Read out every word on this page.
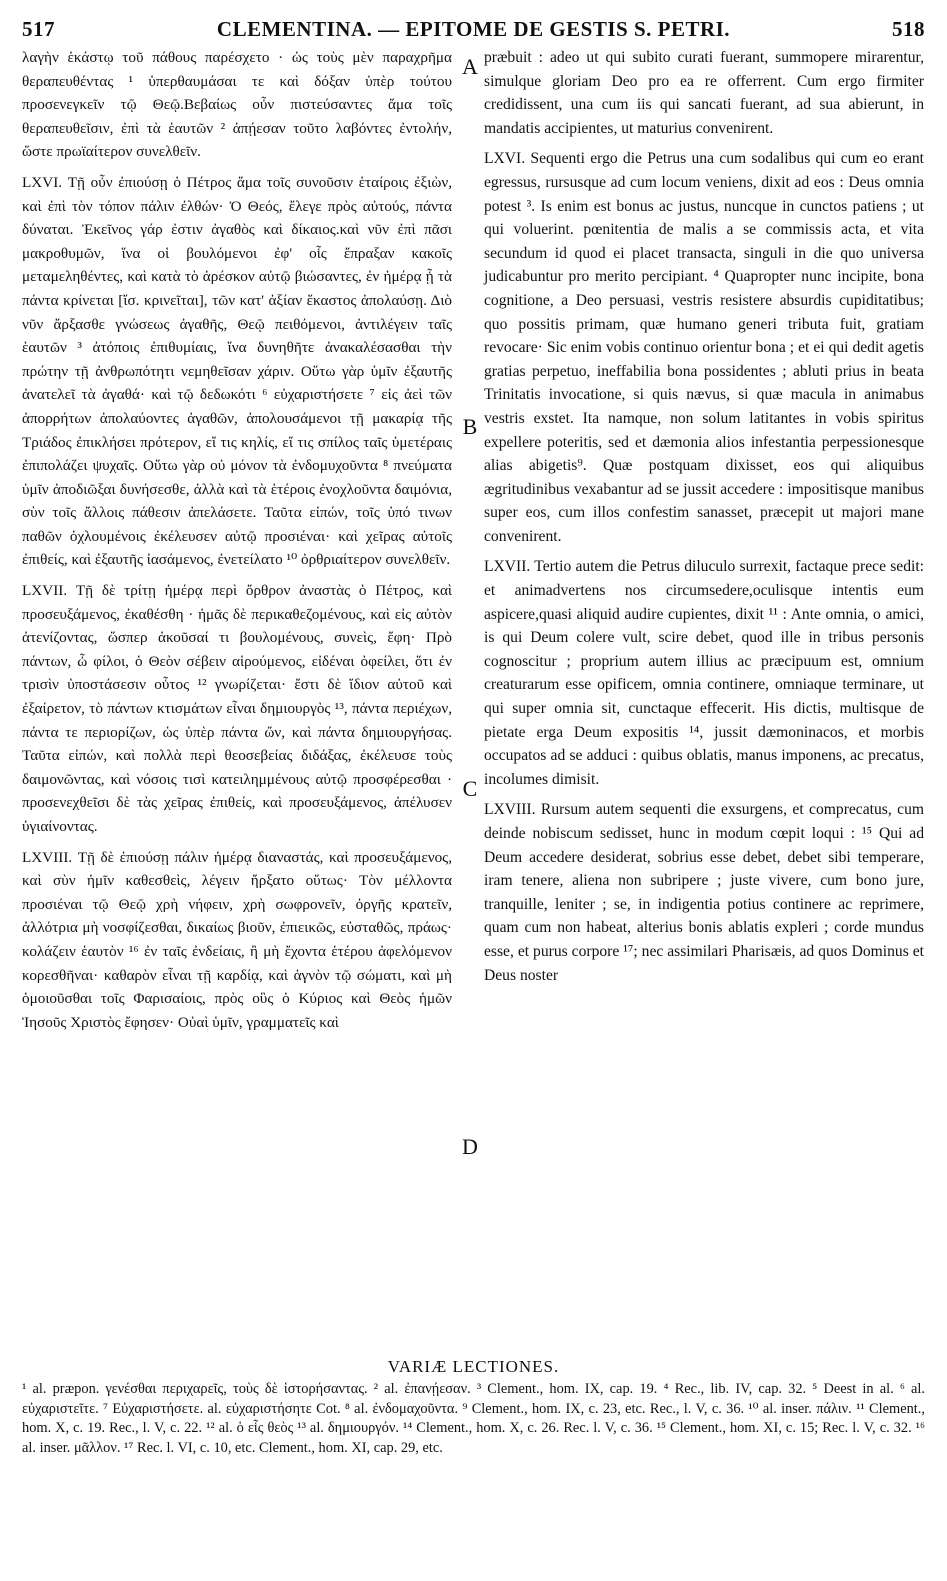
517	CLEMENTINA. — EPITOME DE GESTIS S. PETRI.	518

λαγὴν ἑκάστῳ τοῦ πάθους παρέσχετο · ὡς τοὺς μὲν παραχρῆμα θεραπευθέντας ¹ ὑπερθαυμάσαι τε καὶ δόξαν ὑπὲρ τούτου προσενεγκεῖν τῷ Θεῷ.Βεβαίως οὖν πιστεύσαντες ἅμα τοῖς θεραπευθεῖσιν, ἐπὶ τὰ ἑαυτῶν ² ἀπῄεσαν τοῦτο λαβόντες ἐντολήν, ὥστε πρωϊαίτερον συνελθεῖν.

LXVI. Τῇ οὖν ἐπιούσῃ ὁ Πέτρος ἅμα τοῖς συνοῦσιν ἑταίροις ἐξιὼν, καὶ ἐπὶ τὸν τόπον πάλιν ἐλθών· Ὁ Θεός, ἔλεγε πρὸς αὐτούς, πάντα δύναται. Ἐκεῖνος γάρ ἐστιν ἀγαθὸς καὶ δίκαιος.καὶ νῦν ἐπὶ πᾶσι μακροθυμῶν, ἵνα οἱ βουλόμενοι ἐφ' οἷς ἔπραξαν κακοῖς μεταμεληθέντες, καὶ κατὰ τὸ ἀρέσκον αὐτῷ βιώσαντες, ἐν ἡμέρᾳ ᾗ τὰ πάντα κρίνεται [ἴσ. κρινεῖται], τῶν κατ' ἀξίαν ἕκαστος ἀπολαύσῃ. Διὸ νῦν ἄρξασθε γνώσεως ἀγαθῆς, Θεῷ πειθόμενοι, ἀντιλέγειν ταῖς ἑαυτῶν ³ ἀτόποις ἐπιθυμίαις, ἵνα δυνηθῆτε ἀνακαλέσασθαι τὴν πρώτην τῇ ἀνθρωπότητι νεμηθεῖσαν χάριν. Οὕτω γὰρ ὑμῖν ἐξαυτῆς ἀνατελεῖ τὰ ἀγαθά· καὶ τῷ δεδωκότι ⁶ εὐχαριστήσετε ⁷ εἰς ἀεὶ τῶν ἀπορρήτων ἀπολαύοντες ἀγαθῶν, ἀπολουσάμενοι τῇ μακαρίᾳ τῆς Τριάδος ἐπικλήσει πρότερον, εἴ τις κηλίς, εἴ τις σπίλος ταῖς ὑμετέραις ἐπιπολάζει ψυχαῖς. Οὕτω γὰρ οὐ μόνον τὰ ἐνδομυχοῦντα ⁸ πνεύματα ὑμῖν ἀποδιῶξαι δυνήσεσθε, ἀλλὰ καὶ τὰ ἑτέροις ἐνοχλοῦντα δαιμόνια, σὺν τοῖς ἄλλοις πάθεσιν ἀπελάσετε. Ταῦτα εἰπών, τοῖς ὑπό τινων παθῶν ὀχλουμένοις ἐκέλευσεν αὐτῷ προσιέναι· καὶ χεῖρας αὐτοῖς ἐπιθείς, καὶ ἐξαυτῆς ἰασάμενος, ἐνετείλατο ¹⁰ ὀρθριαίτερον συνελθεῖν.

LXVII. Τῇ δὲ τρίτῃ ἡμέρᾳ περὶ ὄρθρον ἀναστὰς ὁ Πέτρος, καὶ προσευξάμενος, ἐκαθέσθη · ἡμᾶς δὲ περικαθεζομένους, καὶ εἰς αὐτὸν ἀτενίζοντας, ὥσπερ ἀκοῦσαί τι βουλομένους, συνεὶς, ἔφη· Πρὸ πάντων, ὦ φίλοι, ὁ Θεὸν σέβειν αἱρούμενος, εἰδέναι ὀφείλει, ὅτι ἐν τρισὶν ὑποστάσεσιν οὗτος ¹² γνωρίζεται· ἔστι δὲ ἴδιον αὐτοῦ καὶ ἐξαίρετον, τὸ πάντων κτισμάτων εἶναι δημιουργὸς ¹³, πάντα περιέχων, πάντα τε περιορίζων, ὡς ὑπὲρ πάντα ὤν, καὶ πάντα δημιουργήσας. Ταῦτα εἰπών, καὶ πολλὰ περὶ θεοσεβείας διδάξας, ἐκέλευσε τοὺς δαιμονῶντας, καὶ νόσοις τισὶ κατειλημμένους αὐτῷ προσφέρεσθαι · προσενεχθεῖσι δὲ τὰς χεῖρας ἐπιθείς, καὶ προσευξάμενος, ἀπέλυσεν ὑγιαίνοντας.

LXVIII. Τῇ δὲ ἐπιούσῃ πάλιν ἡμέρᾳ διαναστάς, καὶ προσευξάμενος, καὶ σὺν ἡμῖν καθεσθεὶς, λέγειν ἤρξατο οὕτως· Τὸν μέλλοντα προσιέναι τῷ Θεῷ χρὴ νήφειν, χρὴ σωφρονεῖν, ὀργῆς κρατεῖν, ἀλλότρια μὴ νοσφίζεσθαι, δικαίως βιοῦν, ἐπιεικῶς, εὐσταθῶς, πράως· κολάζειν ἑαυτὸν ¹⁶ ἐν ταῖς ἐνδείαις, ἢ μὴ ἔχοντα ἑτέρου ἀφελόμενον κορεσθῆναι· καθαρὸν εἶναι τῇ καρδίᾳ, καὶ ἁγνὸν τῷ σώματι, καὶ μὴ ὁμοιοῦσθαι τοῖς Φαρισαίοις, πρὸς οὓς ὁ Κύριος καὶ Θεὸς ἡμῶν Ἰησοῦς Χριστὸς ἔφησεν· Οὐαὶ ὑμῖν, γραμματεῖς καὶ

præbuit : adeo ut qui subito curati fuerant, summopere mirarentur, simulque gloriam Deo pro ea re offerrent. Cum ergo firmiter credidissent, una cum iis qui sancati fuerant, ad sua abierunt, in mandatis accipientes, ut maturius convenirent.

LXVI. Sequenti ergo die Petrus una cum sodalibus qui cum eo erant egressus, rursusque ad cum locum veniens, dixit ad eos : Deus omnia potest ³. Is enim est bonus ac justus, nuncque in cunctos patiens ; ut qui voluerint. pœnitentia de malis a se commissis acta, et vita secundum id quod ei placet transacta, singuli in die quo universa judicabuntur pro merito percipiant. ⁴ Quapropter nunc incipite, bona cognitione, a Deo persuasi, vestris resistere absurdis cupiditatibus; quo possitis primam, quæ humano generi tributa fuit, gratiam revocare· Sic enim vobis continuo orientur bona ; et ei qui dedit agetis gratias perpetuo, ineffabilia bona possidentes ; abluti prius in beata Trinitatis invocatione, si quis nævus, si quæ macula in animabus vestris exstet. Ita namque, non solum latitantes in vobis spiritus expellere poteritis, sed et dæmonia alios infestantia perpessionesque alias abigetis⁹. Quæ postquam dixisset, eos qui aliquibus ægritudinibus vexabantur ad se jussit accedere : impositisque manibus super eos, cum illos confestim sanasset, præcepit ut majori mane convenirent.

LXVII. Tertio autem die Petrus diluculo surrexit, factaque prece sedit: et animadvertens nos circumsedere,oculisque intentis eum aspicere,quasi aliquid audire cupientes, dixit ¹¹ : Ante omnia, o amici, is qui Deum colere vult, scire debet, quod ille in tribus personis cognoscitur ; proprium autem illius ac præcipuum est, omnium creaturarum esse opificem, omnia continere, omniaque terminare, ut qui super omnia sit, cunctaque effecerit. His dictis, multisque de pietate erga Deum expositis ¹⁴, jussit dæmoninacos, et morbis occupatos ad se adduci : quibus oblatis, manus imponens, ac precatus, incolumes dimisit.

LXVIII. Rursum autem sequenti die exsurgens, et comprecatus, cum deinde nobiscum sedisset, hunc in modum cœpit loqui : ¹⁵ Qui ad Deum accedere desiderat, sobrius esse debet, debet sibi temperare, iram tenere, aliena non subripere ; juste vivere, cum bono jure, tranquille, leniter ; se, in indigentia potius continere ac reprimere, quam cum non habeat, alterius bonis ablatis expleri ; corde mundus esse, et purus corpore ¹⁷; nec assimilari Pharisæis, ad quos Dominus et Deus noster

A
B
C
D
VARIÆ LECTIONES.
¹ al. præpon. γενέσθαι περιχαρεῖς, τοὺς δὲ ἱστορήσαντας. ² al. ἐπανῄεσαν. ³ Clement., hom. IX, cap. 19. ⁴ Rec., lib. IV, cap. 32. ⁵ Deest in al. ⁶ al. εὐχαριστεῖτε. ⁷ Εὐχαριστήσετε. al. εὐχαριστήσητε Cot. ⁸ al. ἐνδομαχοῦντα. ⁹ Clement., hom. IX, c. 23, etc. Rec., l. V, c. 36. ¹⁰ al. inser. πάλιν. ¹¹ Clement., hom. X, c. 19. Rec., l. V, c. 22. ¹² al. ὁ εἷς θεὸς ¹³ al. δημιουργόν. ¹⁴ Clement., hom. X, c. 26. Rec. l. V, c. 36. ¹⁵ Clement., hom. XI, c. 15; Rec. l. V, c. 32. ¹⁶ al. inser. μᾶλλον. ¹⁷ Rec. l. VI, c. 10, etc. Clement., hom. XI, cap. 29, etc.
